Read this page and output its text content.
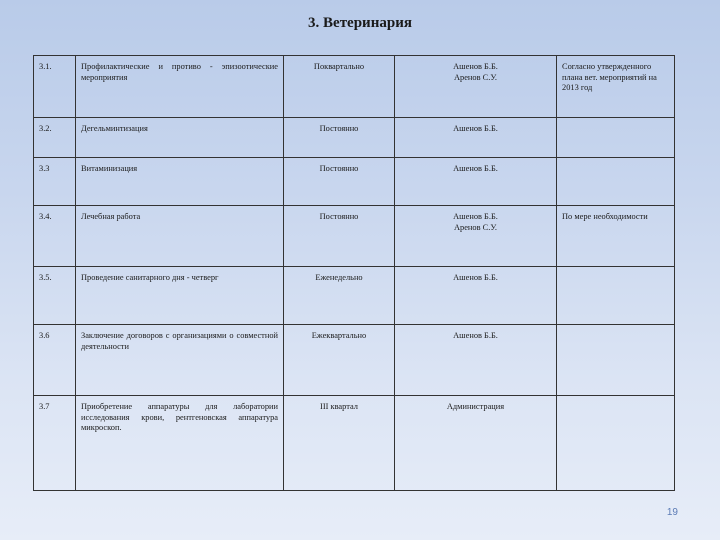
3. Ветеринария
3.1.	Профилактические и противо - эпизоотические мероприятия	Поквартально	Ашенов Б.Б.
Аренов С.У.	Согласно утвержденного плана вет. мероприятий на 2013 год
3.2.	Дегельминтизация	Постоянно	Ашенов Б.Б.	

3.3	Витаминизация	Постоянно	Ашенов Б.Б.	

3.4.	Лечебная работа	Постоянно	Ашенов Б.Б.
Аренов С.У.	По мере необходимости
3.5.	Проведение санитарного дня - четверг	Еженедельно	Ашенов Б.Б.	

3.6	Заключение договоров с организациями о совместной деятельности	Ежеквартально	Ашенов Б.Б.	

3.7	Приобретение аппаратуры для лаборатории исследования крови, рентгеновская аппаратура микроскоп.	III квартал	Администрация	

19
